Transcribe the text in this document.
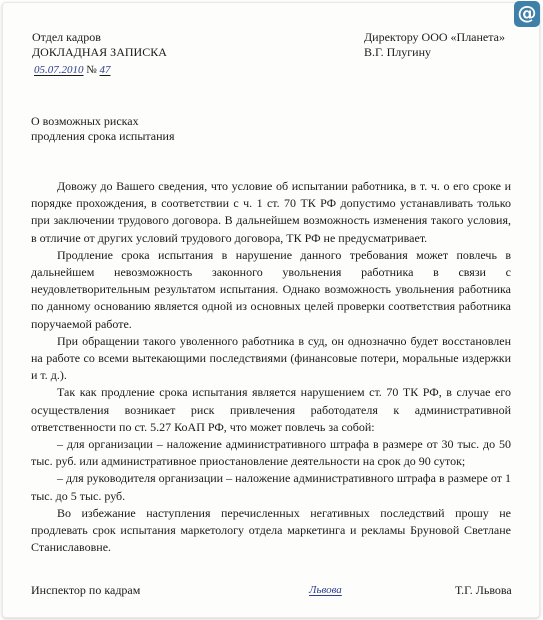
@
Отдел кадров
ДОКЛАДНАЯ ЗАПИСКА
05.07.2010 № 47
Директору ООО «Планета»
В.Г. Плугину
О возможных рисках
продления срока испытания

Довожу до Вашего сведения, что условие об испытании работника, в т. ч. о его сроке и порядке прохождения, в соответствии с ч. 1 ст. 70 ТК РФ допустимо устанавливать только при заключении трудового договора. В дальнейшем возможность изменения такого условия, в отличие от других условий трудового договора, ТК РФ не предусматривает.

Продление срока испытания в нарушение данного требования может повлечь в дальнейшем невозможность законного увольнения работника в связи с неудовлетворительным результатом испытания. Однако возможность увольнения работника по данному основанию является одной из основных целей проверки соответствия работника поручаемой работе.

При обращении такого уволенного работника в суд, он однозначно будет восстановлен на работе со всеми вытекающими последствиями (финансовые потери, моральные издержки и т. д.).

Так как продление срока испытания является нарушением ст. 70 ТК РФ, в случае его осуществления возникает риск привлечения работодателя к административной ответственности по ст. 5.27 КоАП РФ, что может повлечь за собой:

– для организации – наложение административного штрафа в размере от 30 тыс. до 50 тыс. руб. или административное приостановление деятельности на срок до 90 суток;

– для руководителя организации – наложение административного штрафа в размере от 1 тыс. до 5 тыс. руб.

Во избежание наступления перечисленных негативных последствий прошу не продлевать срок испытания маркетологу отдела маркетинга и рекламы Бруновой Светлане Станиславовне.

Инспектор по кадрам	Львова	Т.Г. Львова
